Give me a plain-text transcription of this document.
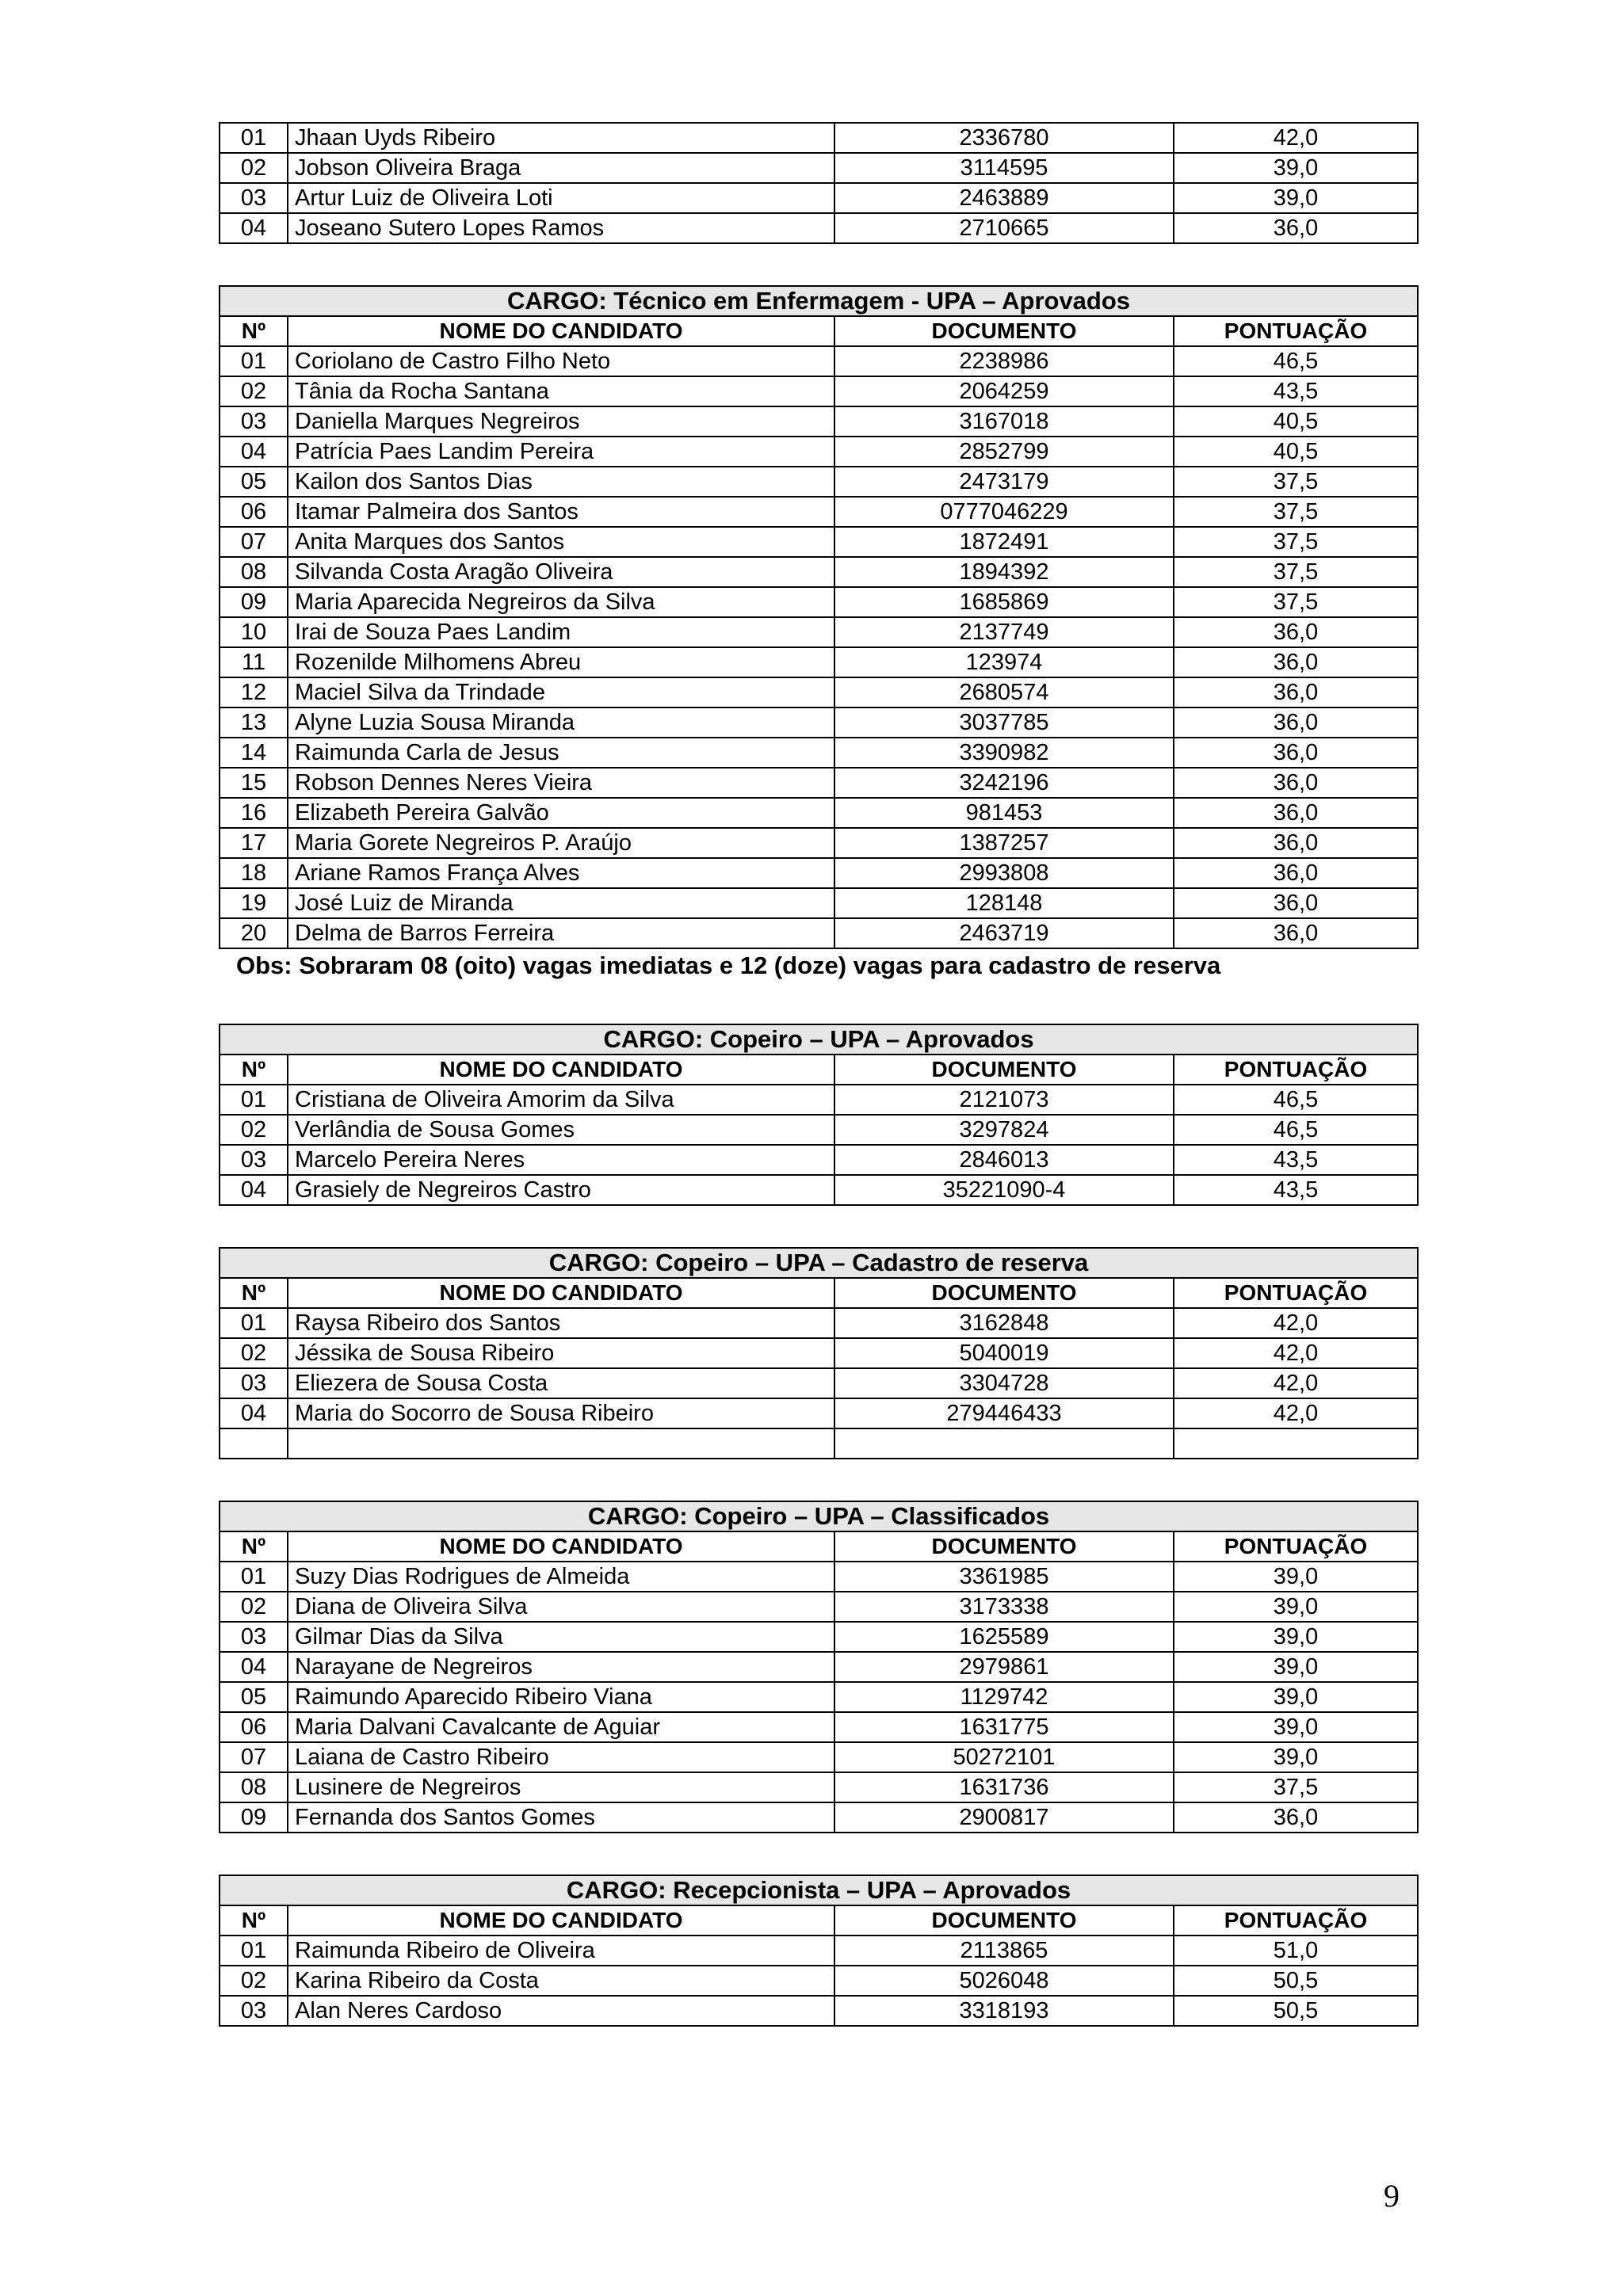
01	Jhaan Uyds Ribeiro	2336780	42,0
02	Jobson Oliveira Braga	3114595	39,0
03	Artur Luiz de Oliveira Loti	2463889	39,0
04	Joseano Sutero Lopes Ramos	2710665	36,0
CARGO: Técnico em Enfermagem - UPA – Aprovados			
Nº	NOME DO CANDIDATO	DOCUMENTO	PONTUAÇÃO
01	Coriolano de Castro Filho Neto	2238986	46,5
02	Tânia da Rocha Santana	2064259	43,5
03	Daniella Marques Negreiros	3167018	40,5
04	Patrícia Paes Landim Pereira	2852799	40,5
05	Kailon dos Santos Dias	2473179	37,5
06	Itamar Palmeira dos Santos	0777046229	37,5
07	Anita Marques dos Santos	1872491	37,5
08	Silvanda Costa Aragão Oliveira	1894392	37,5
09	Maria Aparecida Negreiros da Silva	1685869	37,5
10	Irai de Souza Paes Landim	2137749	36,0
11	Rozenilde Milhomens Abreu	123974	36,0
12	Maciel Silva da Trindade	2680574	36,0
13	Alyne Luzia Sousa Miranda	3037785	36,0
14	Raimunda Carla de Jesus	3390982	36,0
15	Robson Dennes Neres Vieira	3242196	36,0
16	Elizabeth Pereira Galvão	981453	36,0
17	Maria Gorete Negreiros P. Araújo	1387257	36,0
18	Ariane Ramos França Alves	2993808	36,0
19	José Luiz de Miranda	128148	36,0
20	Delma de Barros Ferreira	2463719	36,0
Obs: Sobraram 08 (oito) vagas imediatas e 12 (doze) vagas para cadastro de reserva
CARGO: Copeiro – UPA – Aprovados			
Nº	NOME DO CANDIDATO	DOCUMENTO	PONTUAÇÃO
01	Cristiana de Oliveira Amorim da Silva	2121073	46,5
02	Verlândia de Sousa Gomes	3297824	46,5
03	Marcelo Pereira Neres	2846013	43,5
04	Grasiely de Negreiros Castro	35221090-4	43,5
CARGO: Copeiro – UPA – Cadastro de reserva			
Nº	NOME DO CANDIDATO	DOCUMENTO	PONTUAÇÃO
01	Raysa Ribeiro dos Santos	3162848	42,0
02	Jéssika de Sousa Ribeiro	5040019	42,0
03	Eliezera de Sousa Costa	3304728	42,0
04	Maria do Socorro de Sousa Ribeiro	279446433	42,0

CARGO: Copeiro – UPA – Classificados			
Nº	NOME DO CANDIDATO	DOCUMENTO	PONTUAÇÃO
01	Suzy Dias Rodrigues de Almeida	3361985	39,0
02	Diana de Oliveira Silva	3173338	39,0
03	Gilmar Dias da Silva	1625589	39,0
04	Narayane de Negreiros	2979861	39,0
05	Raimundo Aparecido Ribeiro Viana	1129742	39,0
06	Maria Dalvani Cavalcante de Aguiar	1631775	39,0
07	Laiana de Castro Ribeiro	50272101	39,0
08	Lusinere de Negreiros	1631736	37,5
09	Fernanda dos Santos Gomes	2900817	36,0
CARGO: Recepcionista – UPA – Aprovados			
Nº	NOME DO CANDIDATO	DOCUMENTO	PONTUAÇÃO
01	Raimunda Ribeiro de Oliveira	2113865	51,0
02	Karina Ribeiro da Costa	5026048	50,5
03	Alan Neres Cardoso	3318193	50,5
9
